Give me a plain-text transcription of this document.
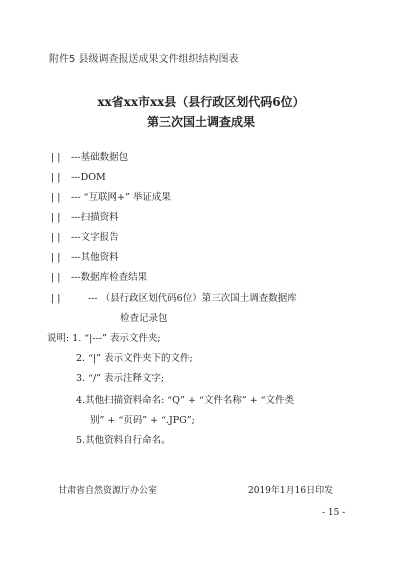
附件5 县级调查报送成果文件组织结构图表
xx省xx市xx县（县行政区划代码6位）
第三次国土调查成果
| | ---基础数据包
| | ---DOM
| | --- “互联网+” 举证成果
| | ---扫描资料
| | ---文字报告
| | ---其他资料
| | ---数据库检查结果
| |	--- （县行政区划代码6位）第三次国土调查数据库
检查记录包
说明: 1. “|---” 表示文件夹;
2. “|” 表示文件夹下的文件;
3. “/” 表示注释文字;
4.其他扫描资料命名: “Q” + “文件名称” + “文件类
别” + “页码” + “.JPG”;
5.其他资料自行命名。
甘肃省自然资源厅办公室	2019年1月16日印发
- 15 -
